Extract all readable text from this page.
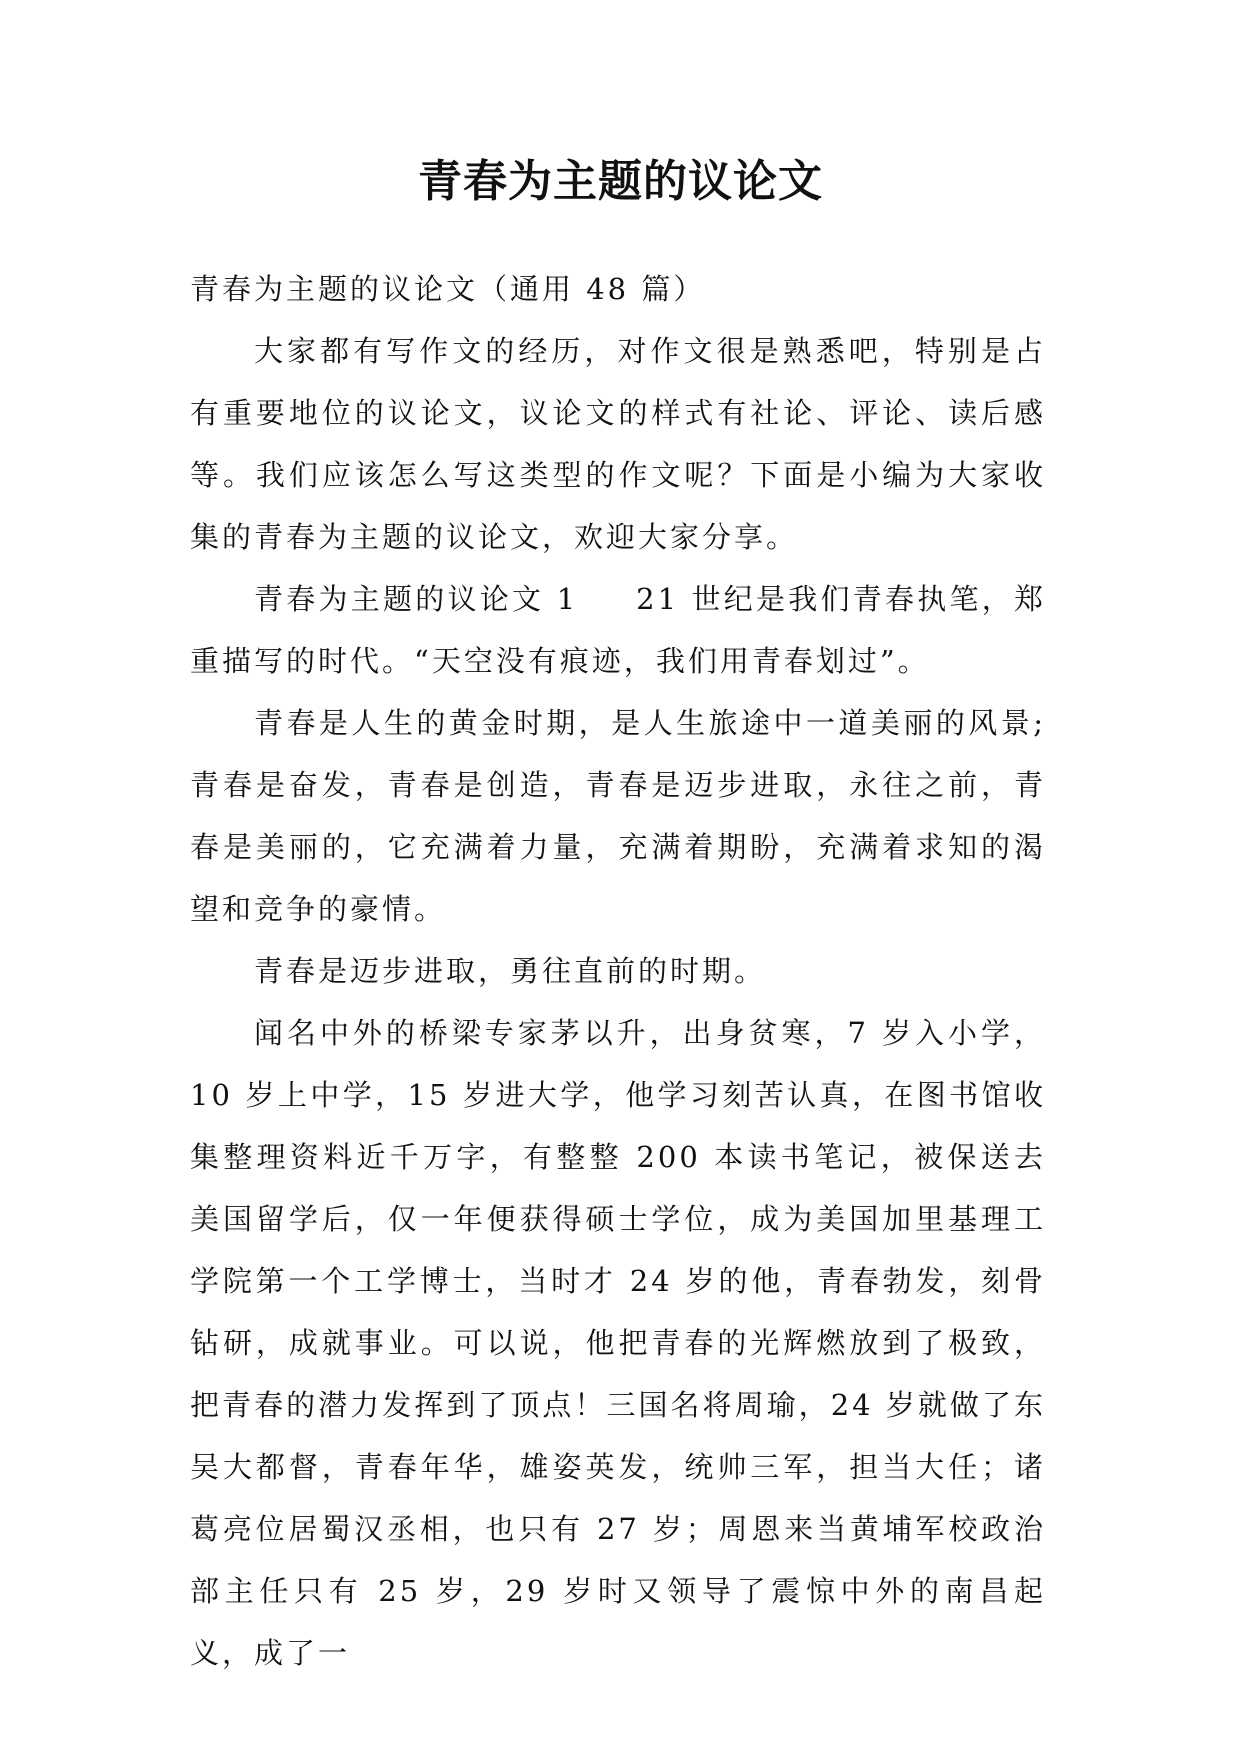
青春为主题的议论文

青春为主题的议论文（通用 48 篇）

大家都有写作文的经历，对作文很是熟悉吧，特别是占有重要地位的议论文，议论文的样式有社论、评论、读后感等。我们应该怎么写这类型的作文呢？下面是小编为大家收集的青春为主题的议论文，欢迎大家分享。

青春为主题的议论文 1 21 世纪是我们青春执笔，郑重描写的时代。“天空没有痕迹，我们用青春划过”。

青春是人生的黄金时期，是人生旅途中一道美丽的风景;青春是奋发，青春是创造，青春是迈步进取，永往之前，青春是美丽的，它充满着力量，充满着期盼，充满着求知的渴望和竞争的豪情。

青春是迈步进取，勇往直前的时期。

闻名中外的桥梁专家茅以升，出身贫寒，7 岁入小学，10 岁上中学，15 岁进大学，他学习刻苦认真，在图书馆收集整理资料近千万字，有整整 200 本读书笔记，被保送去美国留学后，仅一年便获得硕士学位，成为美国加里基理工学院第一个工学博士，当时才 24 岁的他，青春勃发，刻骨钻研，成就事业。可以说，他把青春的光辉燃放到了极致，把青春的潜力发挥到了顶点！三国名将周瑜，24 岁就做了东吴大都督，青春年华，雄姿英发，统帅三军，担当大任；诸葛亮位居蜀汉丞相，也只有 27 岁；周恩来当黄埔军校政治部主任只有 25 岁，29 岁时又领导了震惊中外的南昌起义，成了一
